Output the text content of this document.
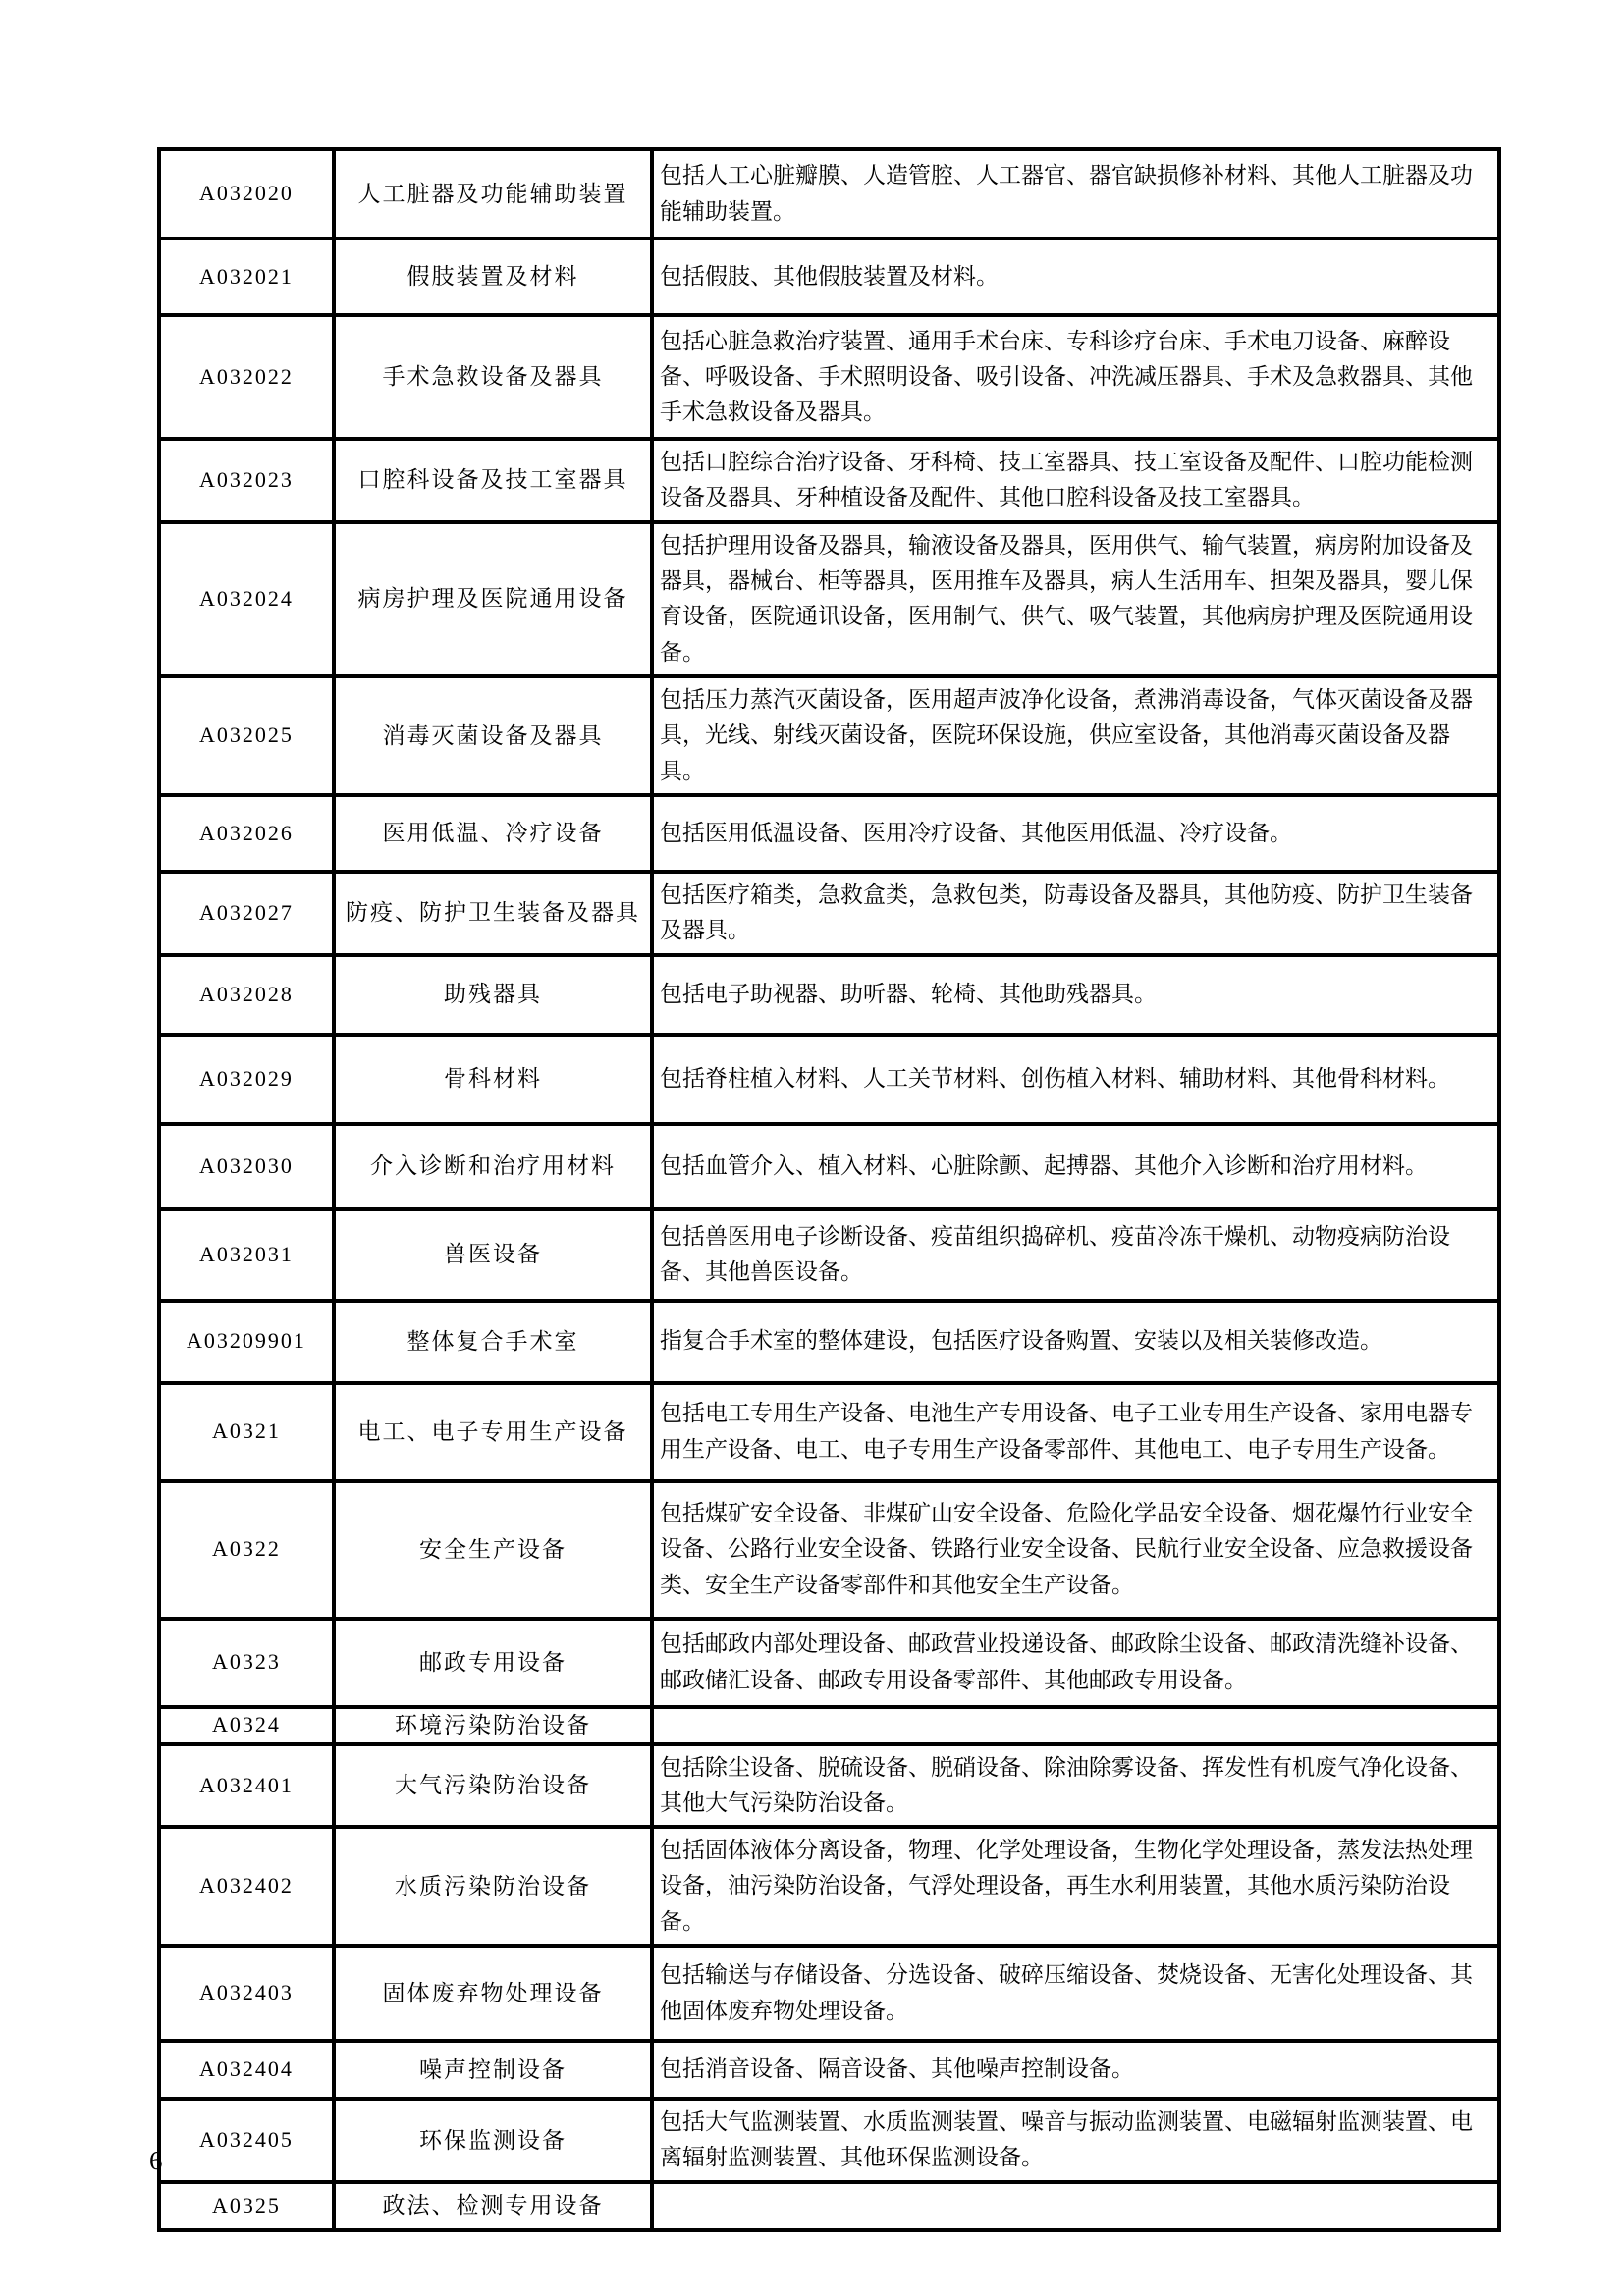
A032020	人工脏器及功能辅助装置	包括人工心脏瓣膜、人造管腔、人工器官、器官缺损修补材料、其他人工脏器及功能辅助装置。
A032021	假肢装置及材料	包括假肢、其他假肢装置及材料。
A032022	手术急救设备及器具	包括心脏急救治疗装置、通用手术台床、专科诊疗台床、手术电刀设备、麻醉设备、呼吸设备、手术照明设备、吸引设备、冲洗减压器具、手术及急救器具、其他手术急救设备及器具。
A032023	口腔科设备及技工室器具	包括口腔综合治疗设备、牙科椅、技工室器具、技工室设备及配件、口腔功能检测设备及器具、牙种植设备及配件、其他口腔科设备及技工室器具。
A032024	病房护理及医院通用设备	包括护理用设备及器具，输液设备及器具，医用供气、输气装置，病房附加设备及器具，器械台、柜等器具，医用推车及器具，病人生活用车、担架及器具，婴儿保育设备，医院通讯设备，医用制气、供气、吸气装置，其他病房护理及医院通用设备。
A032025	消毒灭菌设备及器具	包括压力蒸汽灭菌设备，医用超声波净化设备，煮沸消毒设备，气体灭菌设备及器具，光线、射线灭菌设备，医院环保设施，供应室设备，其他消毒灭菌设备及器具。
A032026	医用低温、冷疗设备	包括医用低温设备、医用冷疗设备、其他医用低温、冷疗设备。
A032027	防疫、防护卫生装备及器具	包括医疗箱类，急救盒类，急救包类，防毒设备及器具，其他防疫、防护卫生装备及器具。
A032028	助残器具	包括电子助视器、助听器、轮椅、其他助残器具。
A032029	骨科材料	包括脊柱植入材料、人工关节材料、创伤植入材料、辅助材料、其他骨科材料。
A032030	介入诊断和治疗用材料	包括血管介入、植入材料、心脏除颤、起搏器、其他介入诊断和治疗用材料。
A032031	兽医设备	包括兽医用电子诊断设备、疫苗组织捣碎机、疫苗冷冻干燥机、动物疫病防治设备、其他兽医设备。
A03209901	整体复合手术室	指复合手术室的整体建设，包括医疗设备购置、安装以及相关装修改造。
A0321	电工、电子专用生产设备	包括电工专用生产设备、电池生产专用设备、电子工业专用生产设备、家用电器专用生产设备、电工、电子专用生产设备零部件、其他电工、电子专用生产设备。
A0322	安全生产设备	包括煤矿安全设备、非煤矿山安全设备、危险化学品安全设备、烟花爆竹行业安全设备、公路行业安全设备、铁路行业安全设备、民航行业安全设备、应急救援设备类、安全生产设备零部件和其他安全生产设备。
A0323	邮政专用设备	包括邮政内部处理设备、邮政营业投递设备、邮政除尘设备、邮政清洗缝补设备、邮政储汇设备、邮政专用设备零部件、其他邮政专用设备。
A0324	环境污染防治设备	
A032401	大气污染防治设备	包括除尘设备、脱硫设备、脱硝设备、除油除雾设备、挥发性有机废气净化设备、其他大气污染防治设备。
A032402	水质污染防治设备	包括固体液体分离设备，物理、化学处理设备，生物化学处理设备，蒸发法热处理设备，油污染防治设备，气浮处理设备，再生水利用装置，其他水质污染防治设备。
A032403	固体废弃物处理设备	包括输送与存储设备、分选设备、破碎压缩设备、焚烧设备、无害化处理设备、其他固体废弃物处理设备。
A032404	噪声控制设备	包括消音设备、隔音设备、其他噪声控制设备。
A032405	环保监测设备	包括大气监测装置、水质监测装置、噪音与振动监测装置、电磁辐射监测装置、电离辐射监测装置、其他环保监测设备。
A0325	政法、检测专用设备	
6
